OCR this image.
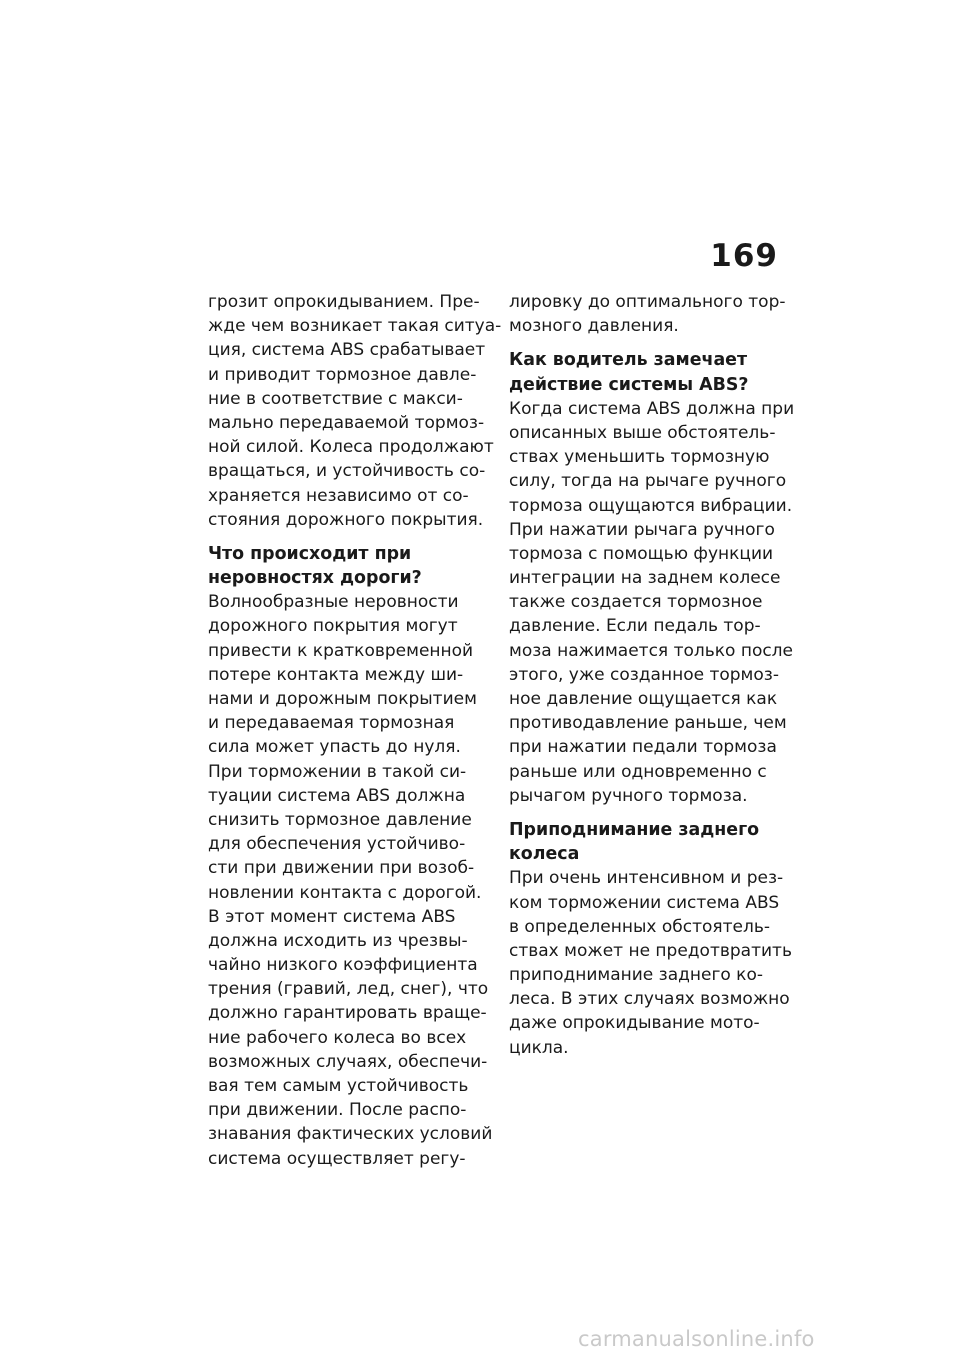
169
грозит опрокидыванием. Пре-
жде чем возникает такая ситуа-
ция, система ABS срабатывает
и приводит тормозное давле-
ние в соответствие с макси-
мально передаваемой тормоз-
ной силой. Колеса продолжают
вращаться, и устойчивость со-
храняется независимо от со-
стояния дорожного покрытия.
Что происходит при
неровностях дороги?
Волнообразные неровности
дорожного покрытия могут
привести к кратковременной
потере контакта между ши-
нами и дорожным покрытием
и передаваемая тормозная
сила может упасть до нуля.
При торможении в такой си-
туации система ABS должна
снизить тормозное давление
для обеспечения устойчиво-
сти при движении при возоб-
новлении контакта с дорогой.
В этот момент система ABS
должна исходить из чрезвы-
чайно низкого коэффициента
трения (гравий, лед, снег), что
должно гарантировать враще-
ние рабочего колеса во всех
возможных случаях, обеспечи-
вая тем самым устойчивость
при движении. После распо-
знавания фактических условий
система осуществляет регу-
лировку до оптимального тор-
мозного давления.
Как водитель замечает
действие системы ABS?
Когда система ABS должна при
описанных выше обстоятель-
ствах уменьшить тормозную
силу, тогда на рычаге ручного
тормоза ощущаются вибрации.
При нажатии рычага ручного
тормоза с помощью функции
интеграции на заднем колесе
также создается тормозное
давление. Если педаль тор-
моза нажимается только после
этого, уже созданное тормоз-
ное давление ощущается как
противодавление раньше, чем
при нажатии педали тормоза
раньше или одновременно с
рычагом ручного тормоза.
Приподнимание заднего
колеса
При очень интенсивном и рез-
ком торможении система ABS
в определенных обстоятель-
ствах может не предотвратить
приподнимание заднего ко-
леса. В этих случаях возможно
даже опрокидывание мото-
цикла.
carmanualsonline.info
